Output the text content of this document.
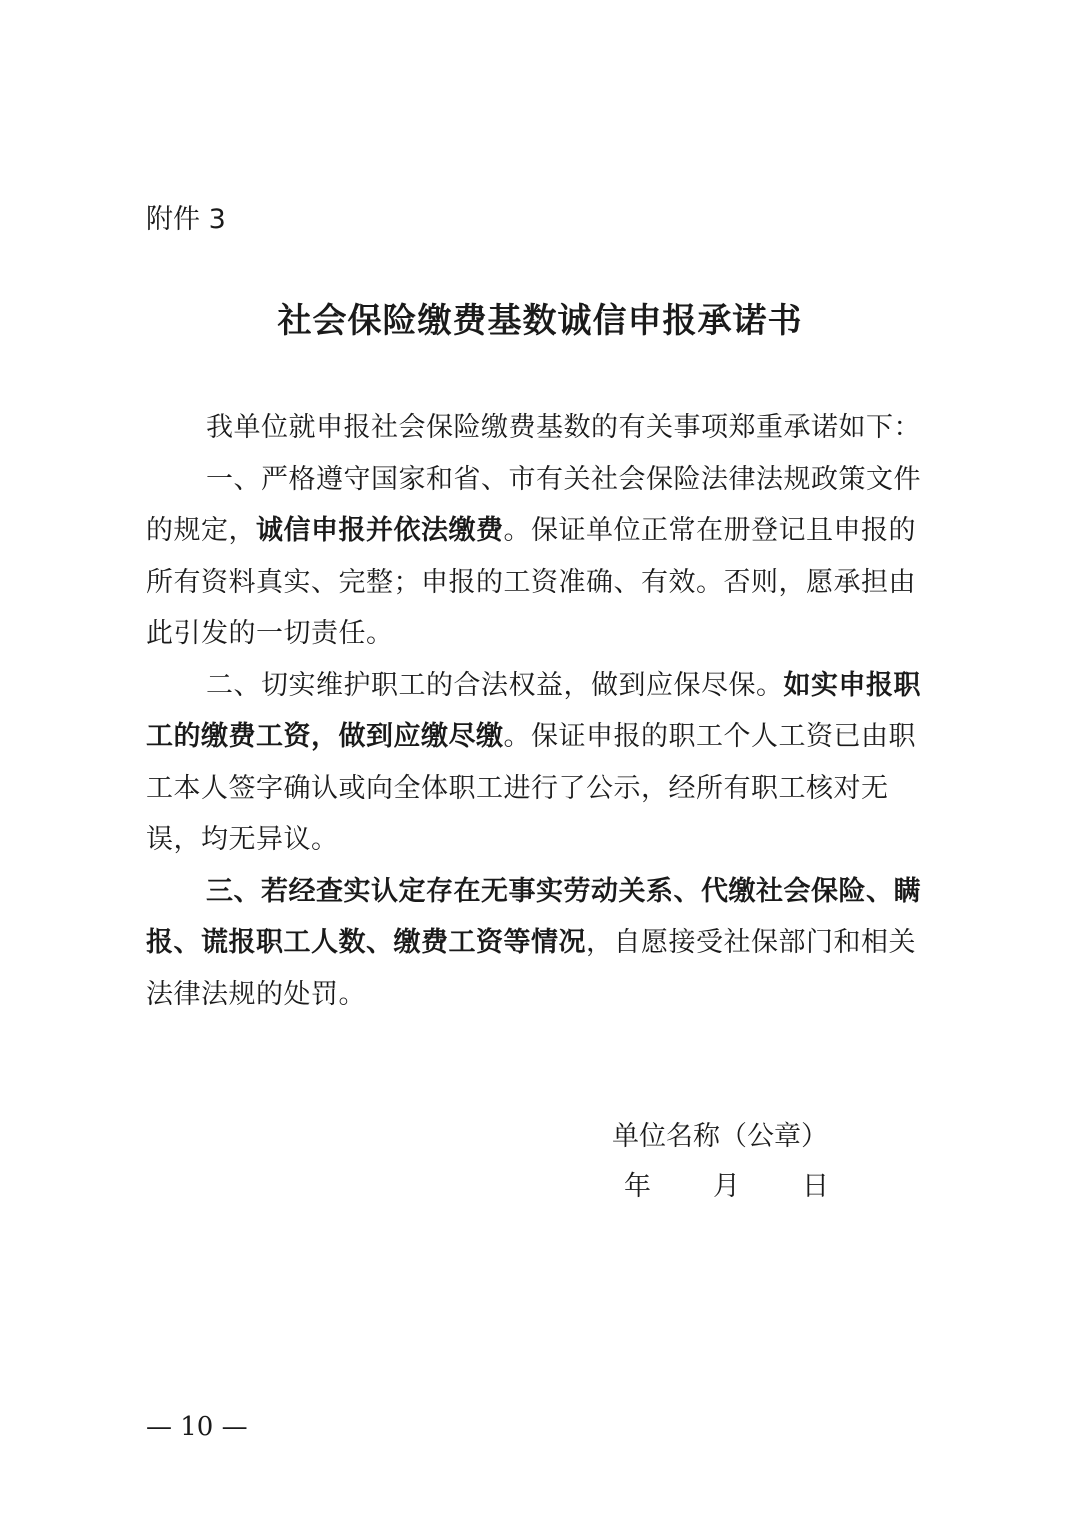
附件 3
社会保险缴费基数诚信申报承诺书
我单位就申报社会保险缴费基数的有关事项郑重承诺如下：
一、严格遵守国家和省、市有关社会保险法律法规政策文件
的规定，诚信申报并依法缴费。保证单位正常在册登记且申报的
所有资料真实、完整；申报的工资准确、有效。否则，愿承担由
此引发的一切责任。
二、切实维护职工的合法权益，做到应保尽保。如实申报职
工的缴费工资，做到应缴尽缴。保证申报的职工个人工资已由职
工本人签字确认或向全体职工进行了公示，经所有职工核对无
误，均无异议。
三、若经查实认定存在无事实劳动关系、代缴社会保险、瞒
报、谎报职工人数、缴费工资等情况，自愿接受社保部门和相关
法律法规的处罚。
单位名称（公章）
年 月 日
— 10 —
